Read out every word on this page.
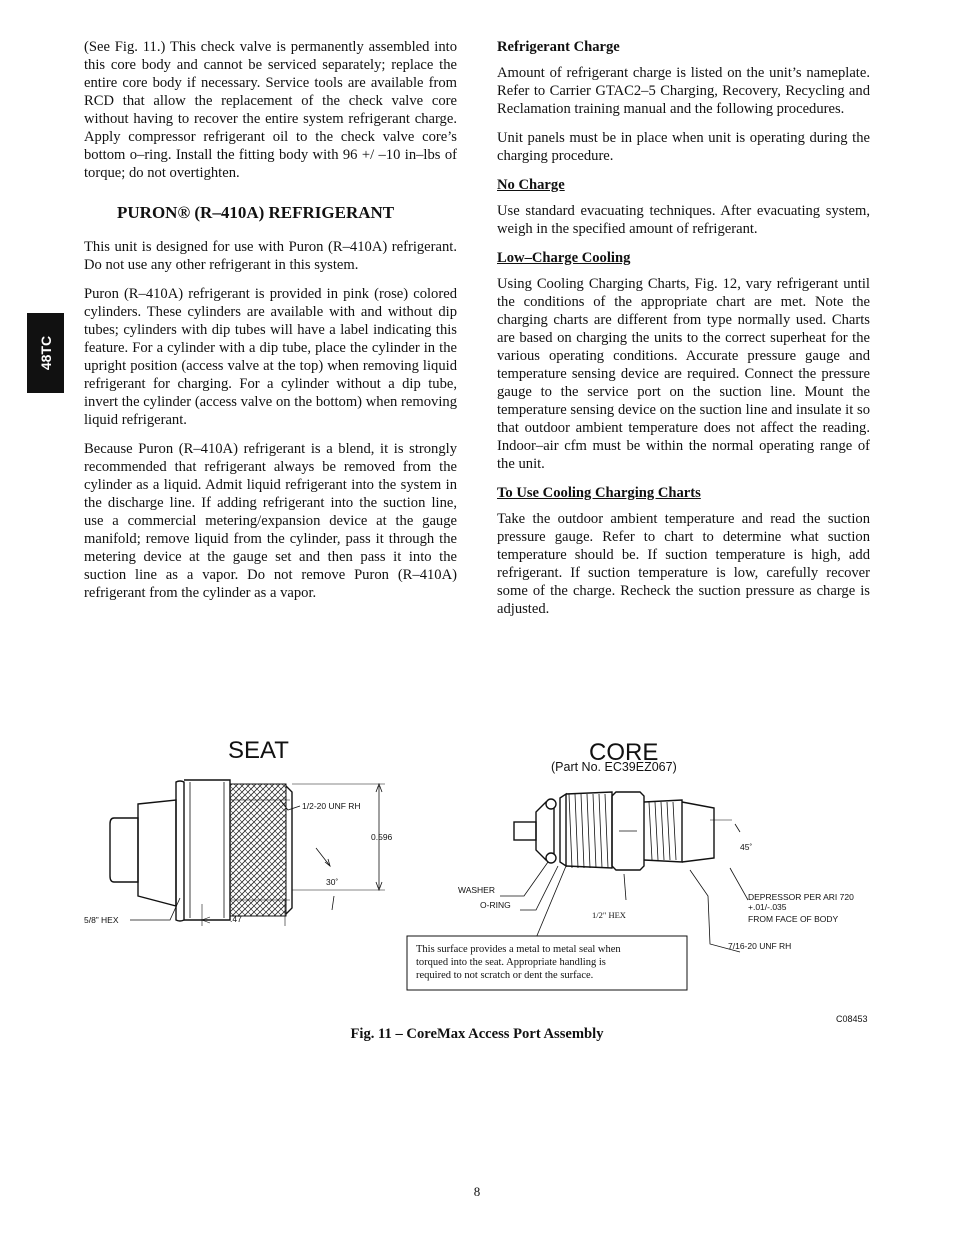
48TC

(See Fig. 11.) This check valve is permanently assembled into this core body and cannot be serviced separately; replace the entire core body if necessary. Service tools are available from RCD that allow the replacement of the check valve core without having to recover the entire system refrigerant charge. Apply compressor refrigerant oil to the check valve core’s bottom o–ring. Install the fitting body with 96 +/ –10 in–lbs of torque; do not overtighten.

PURON® (R–410A) REFRIGERANT

This unit is designed for use with Puron (R–410A) refrigerant. Do not use any other refrigerant in this system.

Puron (R–410A) refrigerant is provided in pink (rose) colored cylinders. These cylinders are available with and without dip tubes; cylinders with dip tubes will have a label indicating this feature. For a cylinder with a dip tube, place the cylinder in the upright position (access valve at the top) when removing liquid refrigerant for charging. For a cylinder without a dip tube, invert the cylinder (access valve on the bottom) when removing liquid refrigerant.

Because Puron (R–410A) refrigerant is a blend, it is strongly recommended that refrigerant always be removed from the cylinder as a liquid. Admit liquid refrigerant into the system in the discharge line. If adding refrigerant into the suction line, use a commercial metering/expansion device at the gauge manifold; remove liquid from the cylinder, pass it through the metering device at the gauge set and then pass it into the suction line as a vapor. Do not remove Puron (R–410A) refrigerant from the cylinder as a vapor.

Refrigerant Charge

Amount of refrigerant charge is listed on the unit’s nameplate. Refer to Carrier GTAC2–5 Charging, Recovery, Recycling and Reclamation training manual and the following procedures.

Unit panels must be in place when unit is operating during the charging procedure.

No Charge

Use standard evacuating techniques. After evacuating system, weigh in the specified amount of refrigerant.

Low–Charge Cooling

Using Cooling Charging Charts, Fig. 12, vary refrigerant until the conditions of the appropriate chart are met. Note the charging charts are different from type normally used. Charts are based on charging the units to the correct superheat for the various operating conditions. Accurate pressure gauge and temperature sensing device are required. Connect the pressure gauge to the service port on the suction line. Mount the temperature sensing device on the suction line and insulate it so that outdoor ambient temperature does not affect the reading. Indoor–air cfm must be within the normal operating range of the unit.

To Use Cooling Charging Charts

Take the outdoor ambient temperature and read the suction pressure gauge. Refer to chart to determine what suction temperature should be. If suction temperature is high, add refrigerant. If suction temperature is low, carefully recover some of the charge. Recheck the suction pressure as charge is adjusted.

SEAT	CORE
(Part No. EC39EZ067)
1/2-20 UNF RH
0.596
30˚
5/8” HEX	.47
WASHER
O-RING
1/2" HEX
45˚
DEPRESSOR PER ARI 720
+.01/-.035
FROM FACE OF BODY
7/16-20 UNF RH
This surface provides a metal to metal seal when
torqued into the seat. Appropriate handling is
required to not scratch or dent the surface.
C08453
Fig. 11 – CoreMax Access Port Assembly
8
